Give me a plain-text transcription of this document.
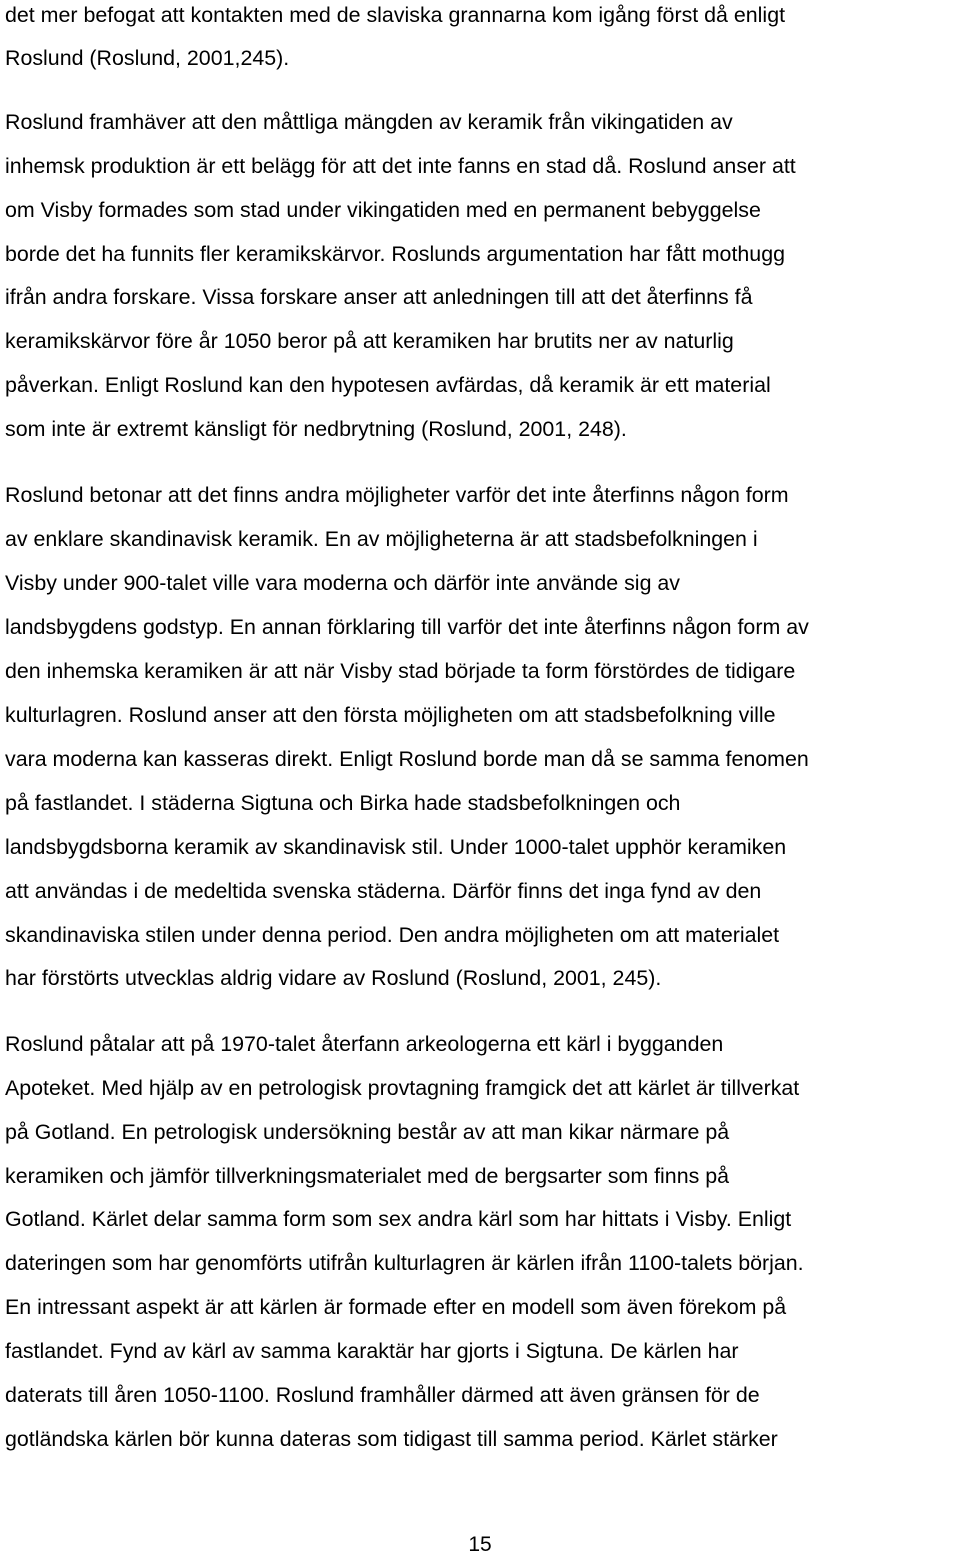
det mer befogat att kontakten med de slaviska grannarna kom igång först då enligt

Roslund (Roslund, 2001,245).

Roslund framhäver att den måttliga mängden av keramik från vikingatiden av

inhemsk produktion är ett belägg för att det inte fanns en stad då. Roslund anser att

om Visby formades som stad under vikingatiden med en permanent bebyggelse

borde det ha funnits fler keramikskärvor. Roslunds argumentation har fått mothugg

ifrån andra forskare. Vissa forskare anser att anledningen till att det återfinns få

keramikskärvor före år 1050 beror på att keramiken har brutits ner av naturlig

påverkan. Enligt Roslund kan den hypotesen avfärdas, då keramik är ett material

som inte är extremt känsligt för nedbrytning (Roslund, 2001, 248).

Roslund betonar att det finns andra möjligheter varför det inte återfinns någon form

av enklare skandinavisk keramik. En av möjligheterna är att stadsbefolkningen i

Visby under 900-talet ville vara moderna och därför inte använde sig av

landsbygdens godstyp. En annan förklaring till varför det inte återfinns någon form av

den inhemska keramiken är att när Visby stad började ta form förstördes de tidigare

kulturlagren. Roslund anser att den första möjligheten om att stadsbefolkning ville

vara moderna kan kasseras direkt. Enligt Roslund borde man då se samma fenomen

på fastlandet. I städerna Sigtuna och Birka hade stadsbefolkningen och

landsbygdsborna keramik av skandinavisk stil. Under 1000-talet upphör keramiken

att användas i de medeltida svenska städerna. Därför finns det inga fynd av den

skandinaviska stilen under denna period. Den andra möjligheten om att materialet

har förstörts utvecklas aldrig vidare av Roslund (Roslund, 2001, 245).

Roslund påtalar att på 1970-talet återfann arkeologerna ett kärl i bygganden

Apoteket. Med hjälp av en petrologisk provtagning framgick det att kärlet är tillverkat

på Gotland. En petrologisk undersökning består av att man kikar närmare på

keramiken och jämför tillverkningsmaterialet med de bergsarter som finns på

Gotland. Kärlet delar samma form som sex andra kärl som har hittats i Visby. Enligt

dateringen som har genomförts utifrån kulturlagren är kärlen ifrån 1100-talets början.

En intressant aspekt är att kärlen är formade efter en modell som även förekom på

fastlandet. Fynd av kärl av samma karaktär har gjorts i Sigtuna. De kärlen har

daterats till åren 1050-1100. Roslund framhåller därmed att även gränsen för de

gotländska kärlen bör kunna dateras som tidigast till samma period. Kärlet stärker

15
